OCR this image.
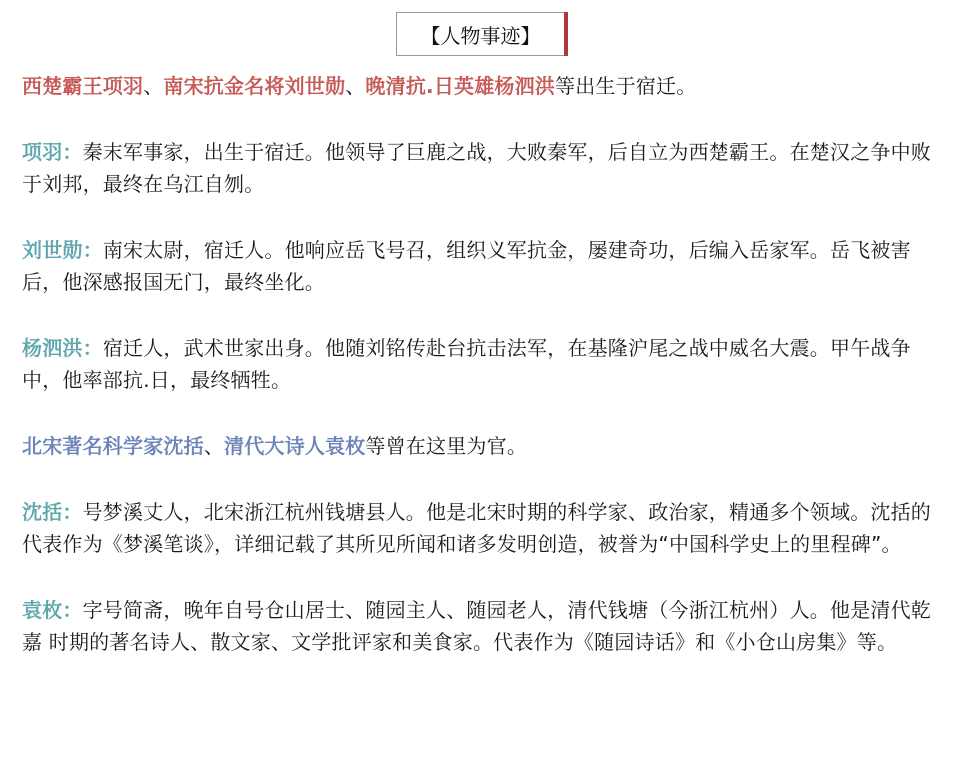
【人物事迹】

西楚霸王项羽、南宋抗金名将刘世勋、晚清抗.日英雄杨泗洪等出生于宿迁。

项羽：秦末军事家，出生于宿迁。他领导了巨鹿之战，大败秦军，后自立为西楚霸王。在楚汉之争中败于刘邦，最终在乌江自刎。

刘世勋：南宋太尉，宿迁人。他响应岳飞号召，组织义军抗金，屡建奇功，后编入岳家军。岳飞被害后，他深感报国无门，最终坐化。

杨泗洪：宿迁人，武术世家出身。他随刘铭传赴台抗击法军，在基隆沪尾之战中威名大震。甲午战争中，他率部抗.日，最终牺牲。

北宋著名科学家沈括、清代大诗人袁枚等曾在这里为官。

沈括：号梦溪丈人，北宋浙江杭州钱塘县人。他是北宋时期的科学家、政治家，精通多个领域。沈括的代表作为《梦溪笔谈》，详细记载了其所见所闻和诸多发明创造，被誉为“中国科学史上的里程碑”。

袁枚：字号简斋，晚年自号仓山居士、随园主人、随园老人，清代钱塘（今浙江杭州）人。他是清代乾嘉 时期的著名诗人、散文家、文学批评家和美食家。代表作为《随园诗话》和《小仓山房集》等。
